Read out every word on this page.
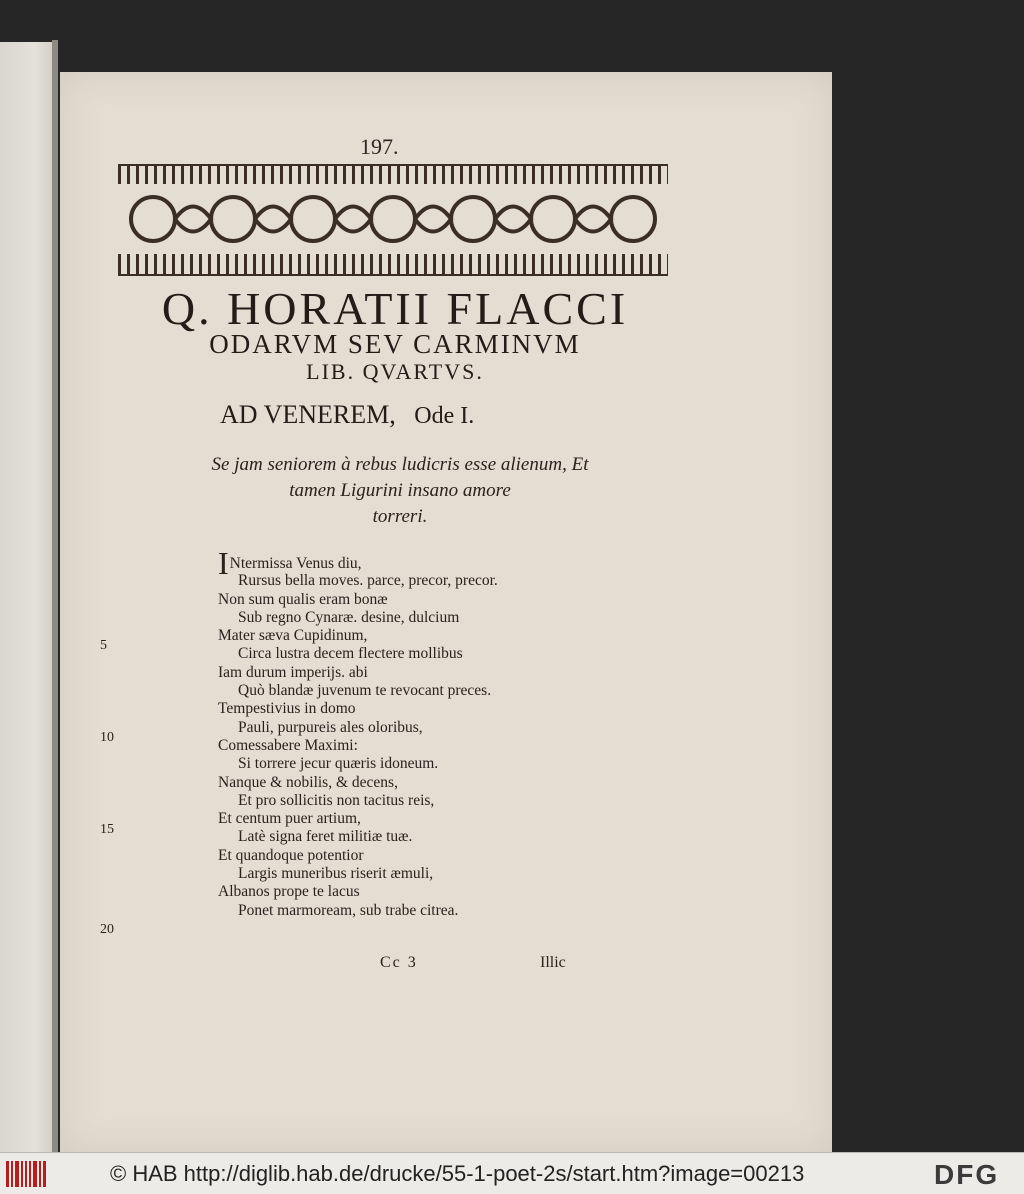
197.
Q. HORATII FLACCI
ODARVM SEV CARMINVM
LIB. QVARTVS.
AD VENEREM, Ode I.
Se jam seniorem à rebus ludicris esse alienum, Et
tamen Ligurini insano amore
torreri.
INtermissa Venus diu,
Rursus bella moves. parce, precor, precor.
Non sum qualis eram bonæ
Sub regno Cynaræ. desine, dulcium
Mater sæva Cupidinum,
Circa lustra decem flectere mollibus
Iam durum imperijs. abi
Quò blandæ juvenum te revocant preces.
Tempestivius in domo
Pauli, purpureis ales oloribus,
Comessabere Maximi:
Si torrere jecur quæris idoneum.
Nanque & nobilis, & decens,
Et pro sollicitis non tacitus reis,
Et centum puer artium,
Latè signa feret militiæ tuæ.
Et quandoque potentior
Largis muneribus riserit æmuli,
Albanos prope te lacus
Ponet marmoream, sub trabe citrea.
5
10
15
20
Cc 3	Illic
© HAB http://diglib.hab.de/drucke/55-1-poet-2s/start.htm?image=00213	DFG
